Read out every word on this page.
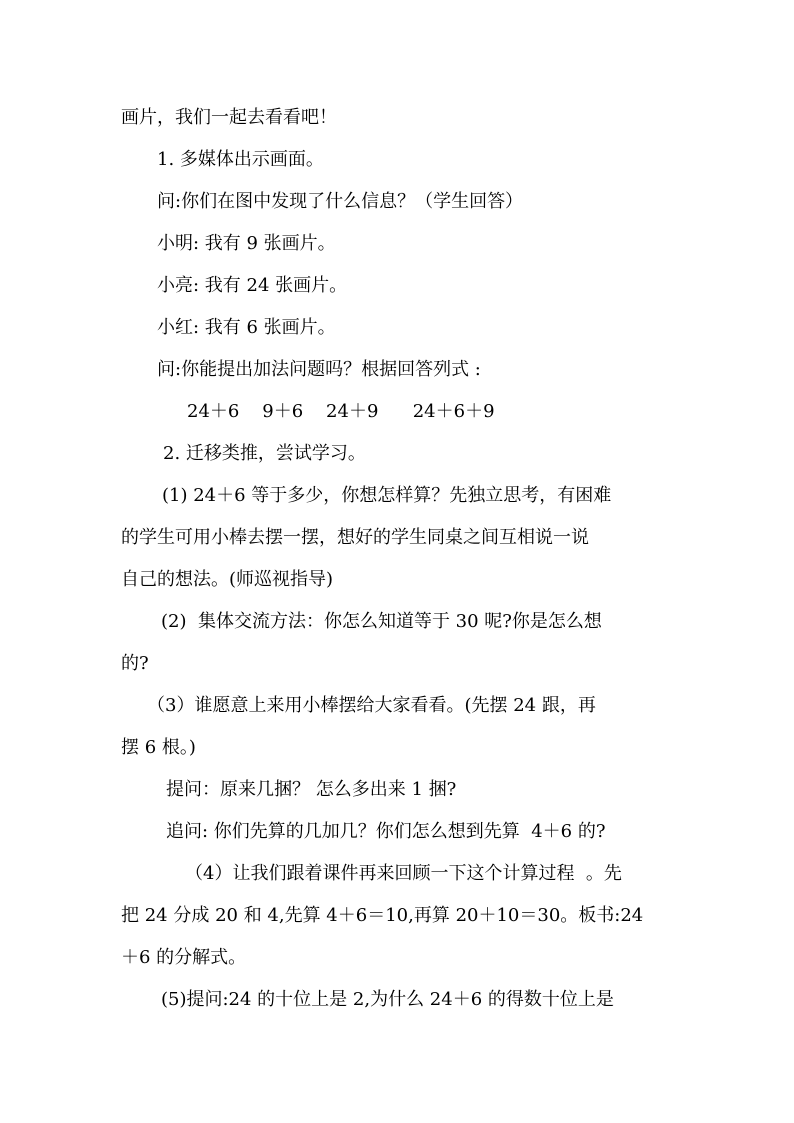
画片，我们一起去看看吧！
1. 多媒体出示画面。
问:你们在图中发现了什么信息？（学生回答）
小明: 我有 9 张画片。
小亮: 我有 24 张画片。
小红: 我有 6 张画片。
问:你能提出加法问题吗？根据回答列式 :
24＋6    9＋6    24＋9      24＋6＋9
2. 迁移类推，尝试学习。
(1) 24＋6 等于多少，你想怎样算？先独立思考，有困难
的学生可用小棒去摆一摆，想好的学生同桌之间互相说一说
自己的想法。(师巡视指导)
(2)  集体交流方法：你怎么知道等于 30 呢?你是怎么想
的?
（3）谁愿意上来用小棒摆给大家看看。(先摆 24 跟，再
摆 6 根。)
提问：原来几捆？ 怎么多出来 1 捆?
追问: 你们先算的几加几？你们怎么想到先算  4＋6 的?
（4）让我们跟着课件再来回顾一下这个计算过程  。先
把 24 分成 20 和 4,先算 4＋6＝10,再算 20＋10＝30。板书:24
＋6 的分解式。
(5)提问:24 的十位上是 2,为什么 24＋6 的得数十位上是
